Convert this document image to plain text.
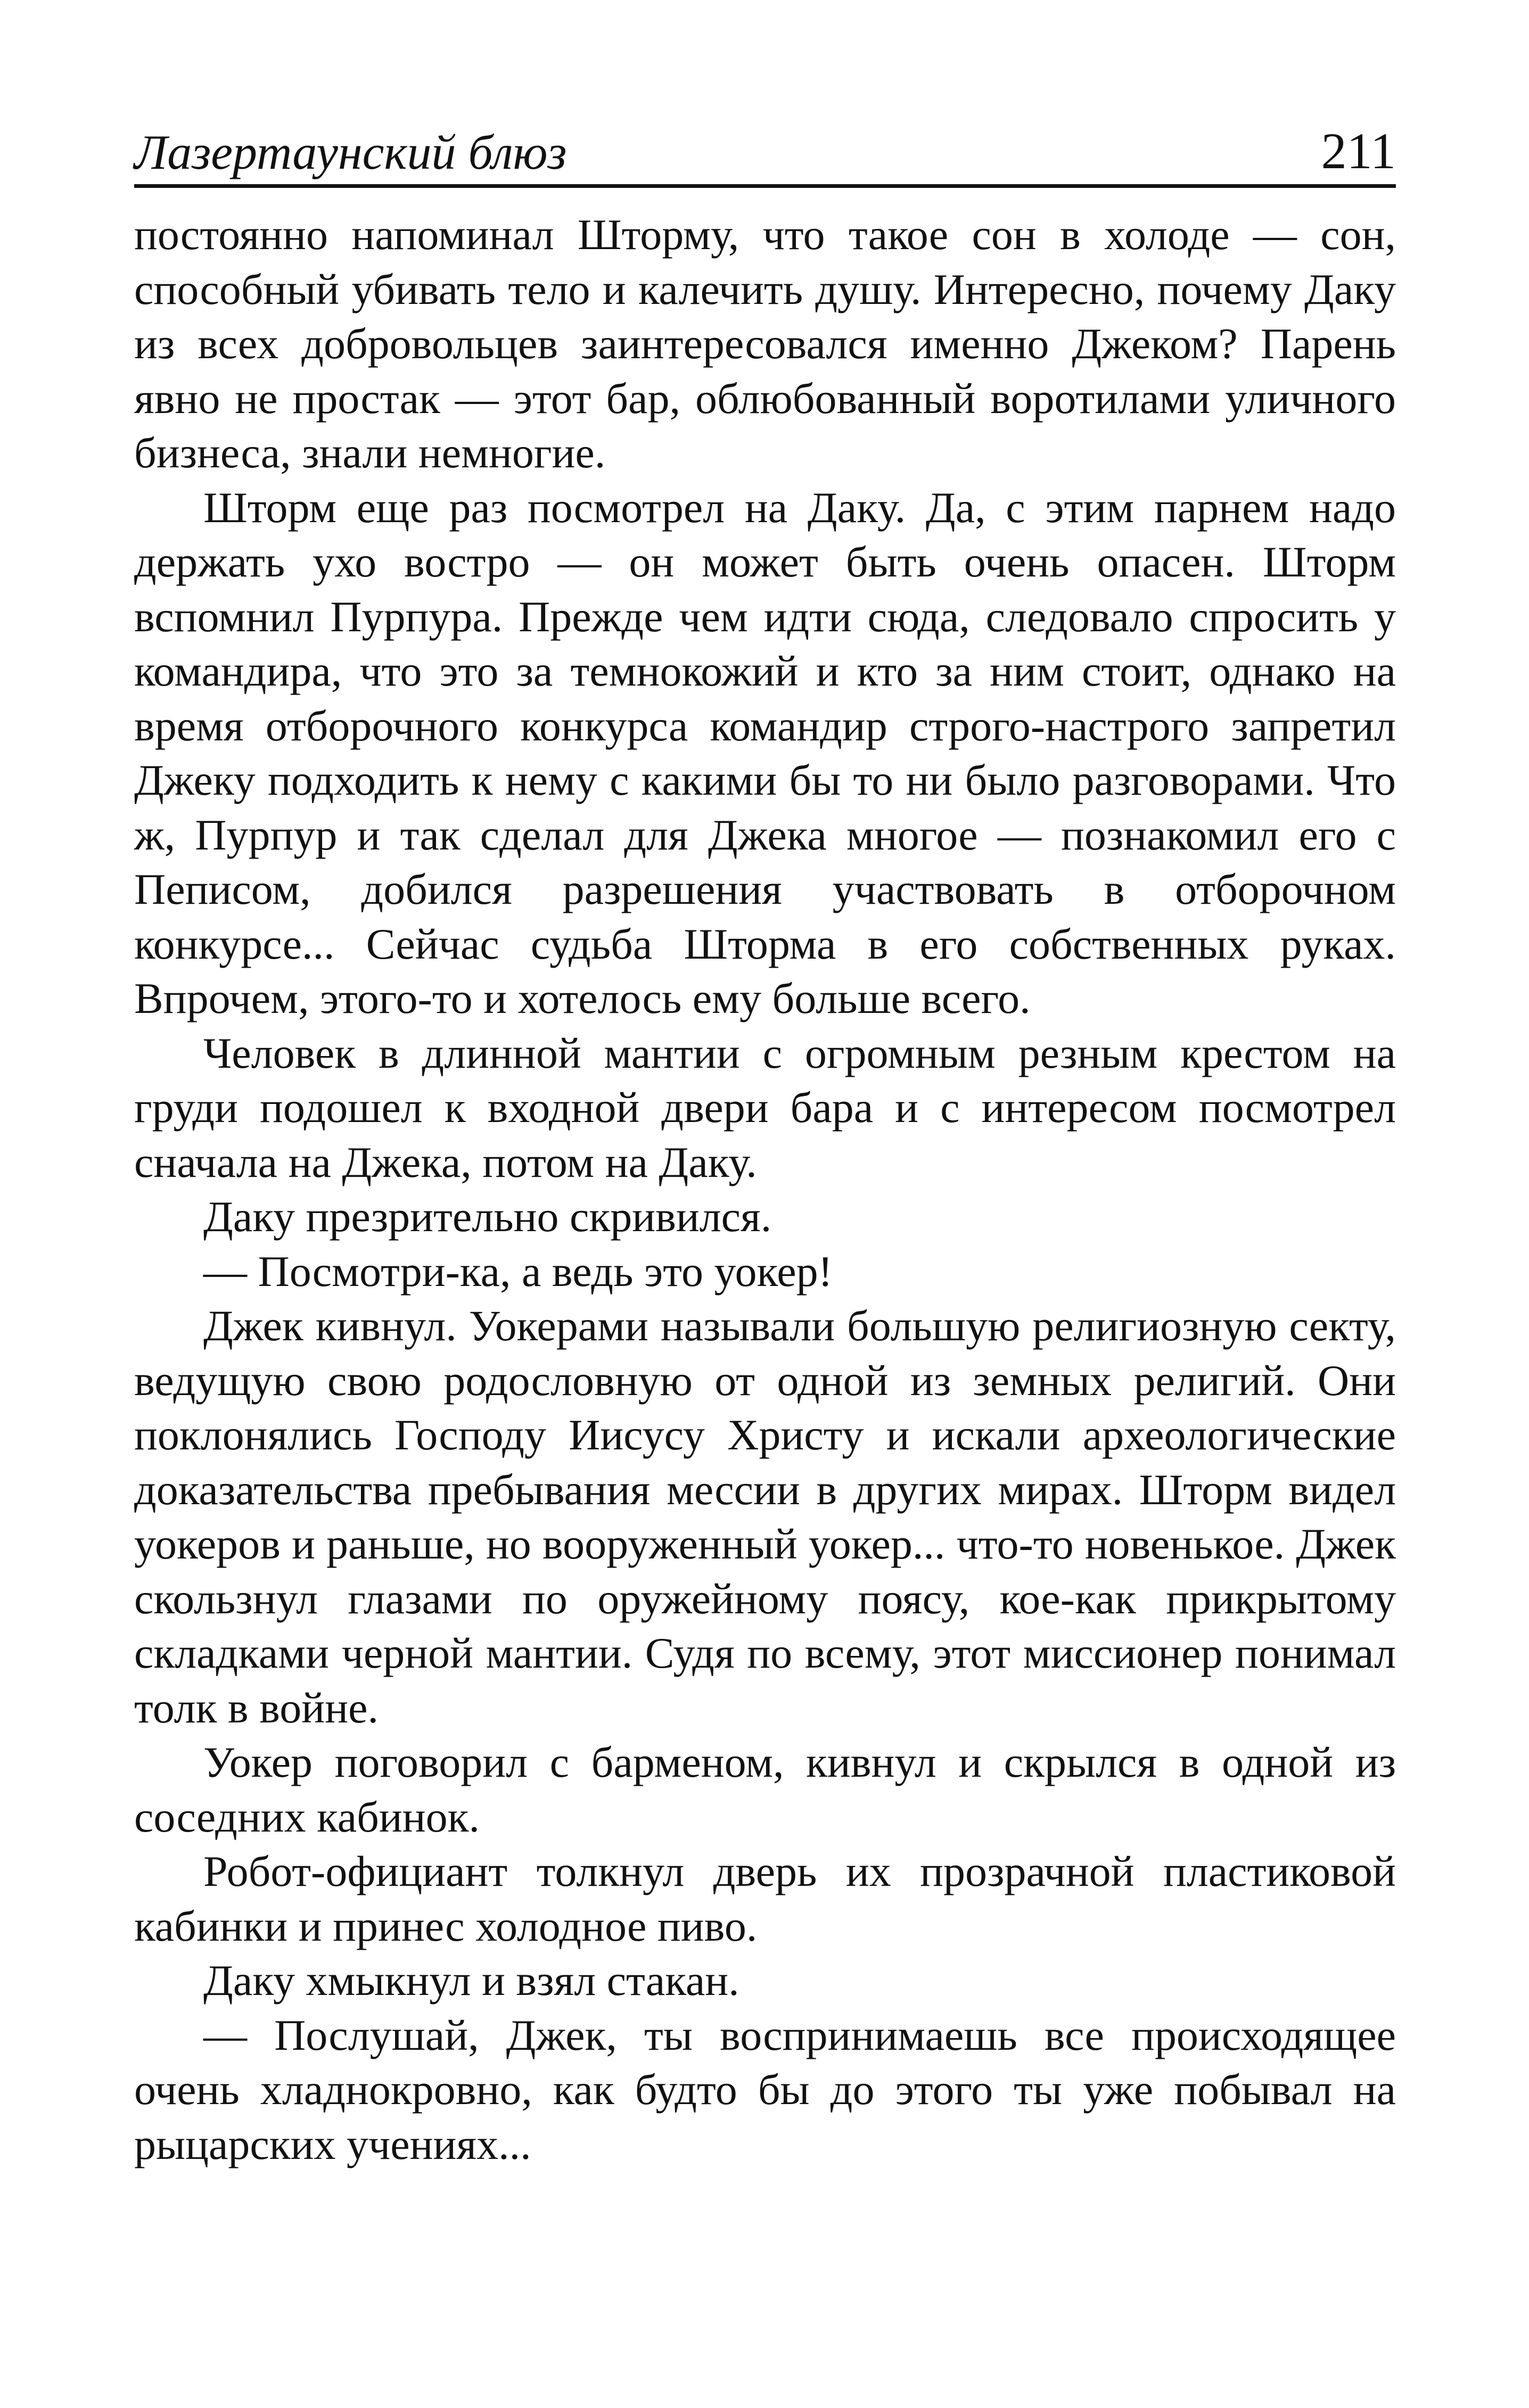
Лазертаунский блюз	211

постоянно напоминал Шторму, что такое сон в холоде — сон, способный убивать тело и калечить душу. Интересно, почему Даку из всех добровольцев заинтересовался именно Джеком? Парень явно не простак — этот бар, облюбованный воротилами уличного бизнеса, знали немногие.

Шторм еще раз посмотрел на Даку. Да, с этим парнем надо держать ухо востро — он может быть очень опасен. Шторм вспомнил Пурпура. Прежде чем идти сюда, следовало спросить у командира, что это за темнокожий и кто за ним стоит, однако на время отборочного конкурса командир строго-настрого запретил Джеку подходить к нему с какими бы то ни было разговорами. Что ж, Пурпур и так сделал для Джека многое — познакомил его с Пеписом, добился разрешения участвовать в отборочном конкурсе... Сейчас судьба Шторма в его собственных руках. Впрочем, этого-то и хотелось ему больше всего.

Человек в длинной мантии с огромным резным крестом на груди подошел к входной двери бара и с интересом посмотрел сначала на Джека, потом на Даку.

Даку презрительно скривился.

— Посмотри-ка, а ведь это уокер!

Джек кивнул. Уокерами называли большую религиозную секту, ведущую свою родословную от одной из земных религий. Они поклонялись Господу Иисусу Христу и искали археологические доказательства пребывания мессии в других мирах. Шторм видел уокеров и раньше, но вооруженный уокер... что-то новенькое. Джек скользнул глазами по оружейному поясу, кое-как прикрытому складками черной мантии. Судя по всему, этот миссионер понимал толк в войне.

Уокер поговорил с барменом, кивнул и скрылся в одной из соседних кабинок.

Робот-официант толкнул дверь их прозрачной пластиковой кабинки и принес холодное пиво.

Даку хмыкнул и взял стакан.

— Послушай, Джек, ты воспринимаешь все происходящее очень хладнокровно, как будто бы до этого ты уже побывал на рыцарских учениях...
